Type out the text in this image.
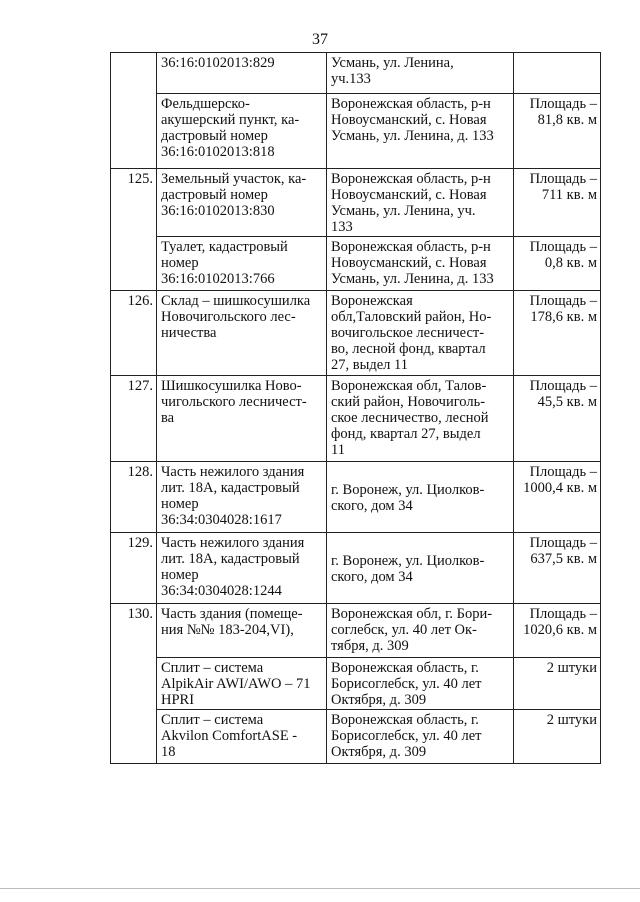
37

	36:16:0102013:829	Усмань, ул. Ленина,
уч.133	

	Фельдшерско-
акушерский пункт, ка-
дастровый номер
36:16:0102013:818	Воронежская область, р-н
Новоусманский, с. Новая
Усмань, ул. Ленина, д. 133	Площадь –
81,8 кв. м

125.	Земельный участок, ка-
дастровый номер
36:16:0102013:830	Воронежская область, р-н
Новоусманский, с. Новая
Усмань, ул. Ленина, уч.
133	Площадь –
711 кв. м

	Туалет, кадастровый
номер
36:16:0102013:766	Воронежская область, р-н
Новоусманский, с. Новая
Усмань, ул. Ленина, д. 133	Площадь –
0,8 кв. м

126.	Склад – шишкосушилка
Новочигольского лес-
ничества	Воронежская
обл,Таловский район, Но-
вочигольское лесничест-
во, лесной фонд, квартал
27, выдел 11	Площадь –
178,6 кв. м

127.	Шишкосушилка Ново-
чигольского лесничест-
ва	Воронежская обл, Талов-
ский район, Новочиголь-
ское лесничество, лесной
фонд, квартал 27, выдел
11	Площадь –
45,5 кв. м

128.	Часть нежилого здания
лит. 18А, кадастровый
номер
36:34:0304028:1617	г. Воронеж, ул. Циолков-
ского, дом 34	Площадь –
1000,4 кв. м

129.	Часть нежилого здания
лит. 18А, кадастровый
номер
36:34:0304028:1244	г. Воронеж, ул. Циолков-
ского, дом 34	Площадь –
637,5 кв. м

130.	Часть здания (помеще-
ния №№ 183-204,VI),	Воронежская обл, г. Бори-
соглебск, ул. 40 лет Ок-
тября, д. 309	Площадь –
1020,6 кв. м

	Сплит – система
AlpikAir AWI/AWO – 71
HPRI	Воронежская область, г.
Борисоглебск, ул. 40 лет
Октября, д. 309	2 штуки

	Сплит – система
Akvilon ComfortASE -
18	Воронежская область, г.
Борисоглебск, ул. 40 лет
Октября, д. 309	2 штуки
